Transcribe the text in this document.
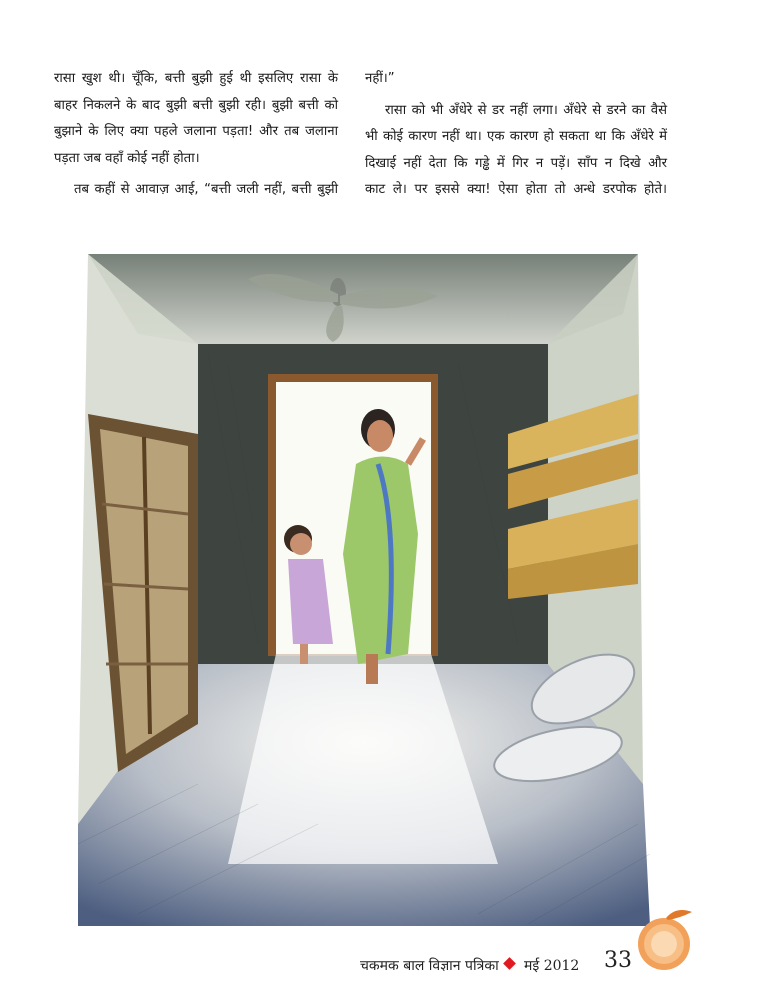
रासा खुश थी। चूँकि, बत्ती बुझी हुई थी इसलिए रासा के

बाहर निकलने के बाद बुझी बत्ती बुझी रही। बुझी बत्ती को

बुझाने के लिए क्या पहले जलाना पड़ता! और तब जलाना

पड़ता जब वहाँ कोई नहीं होता।

तब कहीं से आवाज़ आई, “बत्ती जली नहीं, बत्ती बुझी

नहीं।”

रासा को भी अँधेरे से डर नहीं लगा। अँधेरे से डरने का वैसे

भी कोई कारण नहीं था। एक कारण हो सकता था कि अँधेरे में

दिखाई नहीं देता कि गड्ढे में गिर न पड़ें। साँप न दिखे और

काट ले। पर इससे क्या! ऐसा होता तो अन्धे डरपोक होते।

चकमक बाल विज्ञान पत्रिका मई 2012 33
